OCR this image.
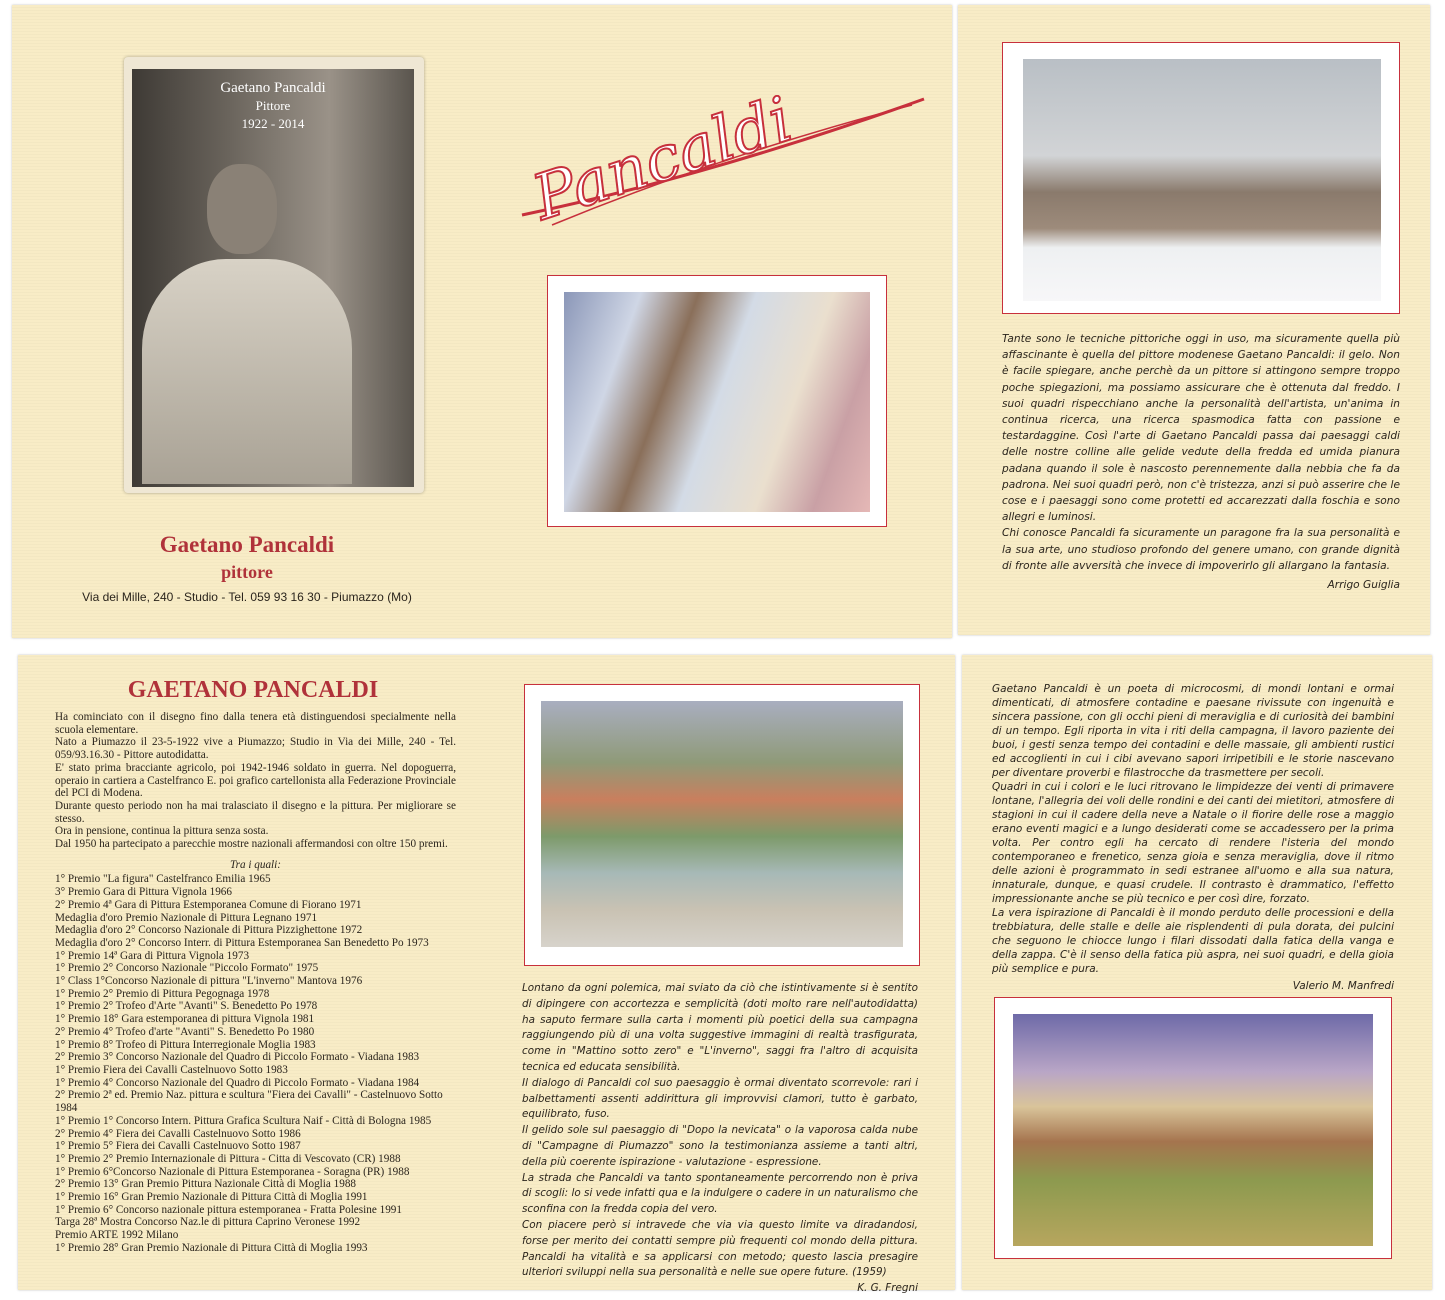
Gaetano Pancaldi
Pittore
1922 - 2014	Pancaldi
Gaetano Pancaldi
pittore
Via dei Mille, 240 - Studio - Tel. 059 93 16 30 - Piumazzo (Mo)

Tante sono le tecniche pittoriche oggi in uso, ma sicuramente quella più affascinante è quella del pittore modenese Gaetano Pancaldi: il gelo. Non è facile spiegare, anche perchè da un pittore si attingono sempre troppo poche spiegazioni, ma possiamo assicurare che è ottenuta dal freddo. I suoi quadri rispecchiano anche la personalità dell'artista, un'anima in continua ricerca, una ricerca spasmodica fatta con passione e testardaggine. Così l'arte di Gaetano Pancaldi passa dai paesaggi caldi delle nostre colline alle gelide vedute della fredda ed umida pianura padana quando il sole è nascosto perennemente dalla nebbia che fa da padrona. Nei suoi quadri però, non c'è tristezza, anzi si può asserire che le cose e i paesaggi sono come protetti ed accarezzati dalla foschia e sono allegri e luminosi.

Chi conosce Pancaldi fa sicuramente un paragone fra la sua personalità e la sua arte, uno studioso profondo del genere umano, con grande dignità di fronte alle avversità che invece di impoverirlo gli allargano la fantasia.

Arrigo Guiglia

GAETANO PANCALDI
Ha cominciato con il disegno fino dalla tenera età distinguendosi specialmente nella scuola elementare.
Nato a Piumazzo il 23-5-1922 vive a Piumazzo; Studio in Via dei Mille, 240 - Tel. 059/93.16.30 - Pittore autodidatta.
E' stato prima bracciante agricolo, poi 1942-1946 soldato in guerra. Nel dopoguerra, operaio in cartiera a Castelfranco E. poi grafico cartellonista alla Federazione Provinciale del PCI di Modena.
Durante questo periodo non ha mai tralasciato il disegno e la pittura. Per migliorare se stesso.
Ora in pensione, continua la pittura senza sosta.
Dal 1950 ha partecipato a parecchie mostre nazionali affermandosi con oltre 150 premi.
Tra i quali:
1° Premio "La figura" Castelfranco Emilia 1965
3° Premio Gara di Pittura Vignola 1966
2° Premio 4ª Gara di Pittura Estemporanea Comune di Fiorano 1971
Medaglia d'oro Premio Nazionale di Pittura Legnano 1971
Medaglia d'oro 2° Concorso Nazionale di Pittura Pizzighettone 1972
Medaglia d'oro 2° Concorso Interr. di Pittura Estemporanea San Benedetto Po 1973
1° Premio 14ª Gara di Pittura Vignola 1973
1° Premio 2° Concorso Nazionale "Piccolo Formato" 1975
1° Class 1°Concorso Nazionale di pittura "L'inverno" Mantova 1976
1° Premio 2° Premio di Pittura Pegognaga 1978
1° Premio 2° Trofeo d'Arte "Avanti" S. Benedetto Po 1978
1° Premio 18° Gara estemporanea di pittura Vignola 1981
2° Premio 4° Trofeo d'arte "Avanti" S. Benedetto Po 1980
1° Premio 8° Trofeo di Pittura Interregionale Moglia 1983
2° Premio 3° Concorso Nazionale del Quadro di Piccolo Formato - Viadana 1983
1° Premio Fiera dei Cavalli Castelnuovo Sotto 1983
1° Premio 4° Concorso Nazionale del Quadro di Piccolo Formato - Viadana 1984
2° Premio 2ª ed. Premio Naz. pittura e scultura "Fiera dei Cavalli" - Castelnuovo Sotto 1984
1° Premio 1° Concorso Intern. Pittura Grafica Scultura Naif - Città di Bologna 1985
2° Premio 4° Fiera dei Cavalli Castelnuovo Sotto 1986
1° Premio 5° Fiera dei Cavalli Castelnuovo Sotto 1987
1° Premio 2° Premio Internazionale di Pittura - Citta di Vescovato (CR) 1988
1° Premio 6°Concorso Nazionale di Pittura Estemporanea - Soragna (PR) 1988
2° Premio 13° Gran Premio Pittura Nazionale Città di Moglia 1988
1° Premio 16° Gran Premio Nazionale di Pittura Città di Moglia 1991
1° Premio 6° Concorso nazionale pittura estemporanea - Fratta Polesine 1991
Targa 28ª Mostra Concorso Naz.le di pittura Caprino Veronese 1992
Premio ARTE 1992 Milano
1° Premio 28° Gran Premio Nazionale di Pittura Città di Moglia 1993

Lontano da ogni polemica, mai sviato da ciò che istintivamente si è sentito di dipingere con accortezza e semplicità (doti molto rare nell'autodidatta) ha saputo fermare sulla carta i momenti più poetici della sua campagna raggiungendo più di una volta suggestive immagini di realtà trasfigurata, come in "Mattino sotto zero" e "L'inverno", saggi fra l'altro di acquisita tecnica ed educata sensibilità.

Il dialogo di Pancaldi col suo paesaggio è ormai diventato scorrevole: rari i balbettamenti assenti addirittura gli improvvisi clamori, tutto è garbato, equilibrato, fuso.

Il gelido sole sul paesaggio di "Dopo la nevicata" o la vaporosa calda nube di "Campagne di Piumazzo" sono la testimonianza assieme a tanti altri, della più coerente ispirazione - valutazione - espressione.

La strada che Pancaldi va tanto spontaneamente percorrendo non è priva di scogli: lo si vede infatti qua e la indulgere o cadere in un naturalismo che sconfina con la fredda copia del vero.

Con piacere però si intravede che via via questo limite va diradandosi, forse per merito dei contatti sempre più frequenti col mondo della pittura. Pancaldi ha vitalità e sa applicarsi con metodo; questo lascia presagire ulteriori sviluppi nella sua personalità e nelle sue opere future. (1959)

K. G. Fregni

Gaetano Pancaldi è un poeta di microcosmi, di mondi lontani e ormai dimenticati, di atmosfere contadine e paesane rivissute con ingenuità e sincera passione, con gli occhi pieni di meraviglia e di curiosità dei bambini di un tempo. Egli riporta in vita i riti della campagna, il lavoro paziente dei buoi, i gesti senza tempo dei contadini e delle massaie, gli ambienti rustici ed accoglienti in cui i cibi avevano sapori irripetibili e le storie nascevano per diventare proverbi e filastrocche da trasmettere per secoli.

Quadri in cui i colori e le luci ritrovano le limpidezze dei venti di primavere lontane, l'allegria dei voli delle rondini e dei canti dei mietitori, atmosfere di stagioni in cui il cadere della neve a Natale o il fiorire delle rose a maggio erano eventi magici e a lungo desiderati come se accadessero per la prima volta. Per contro egli ha cercato di rendere l'isteria del mondo contemporaneo e frenetico, senza gioia e senza meraviglia, dove il ritmo delle azioni è programmato in sedi estranee all'uomo e alla sua natura, innaturale, dunque, e quasi crudele. Il contrasto è drammatico, l'effetto impressionante anche se più tecnico e per così dire, forzato.

La vera ispirazione di Pancaldi è il mondo perduto delle processioni e della trebbiatura, delle stalle e delle aie risplendenti di pula dorata, dei pulcini che seguono le chiocce lungo i filari dissodati dalla fatica della vanga e della zappa. C'è il senso della fatica più aspra, nei suoi quadri, e della gioia più semplice e pura.

Valerio M. Manfredi
